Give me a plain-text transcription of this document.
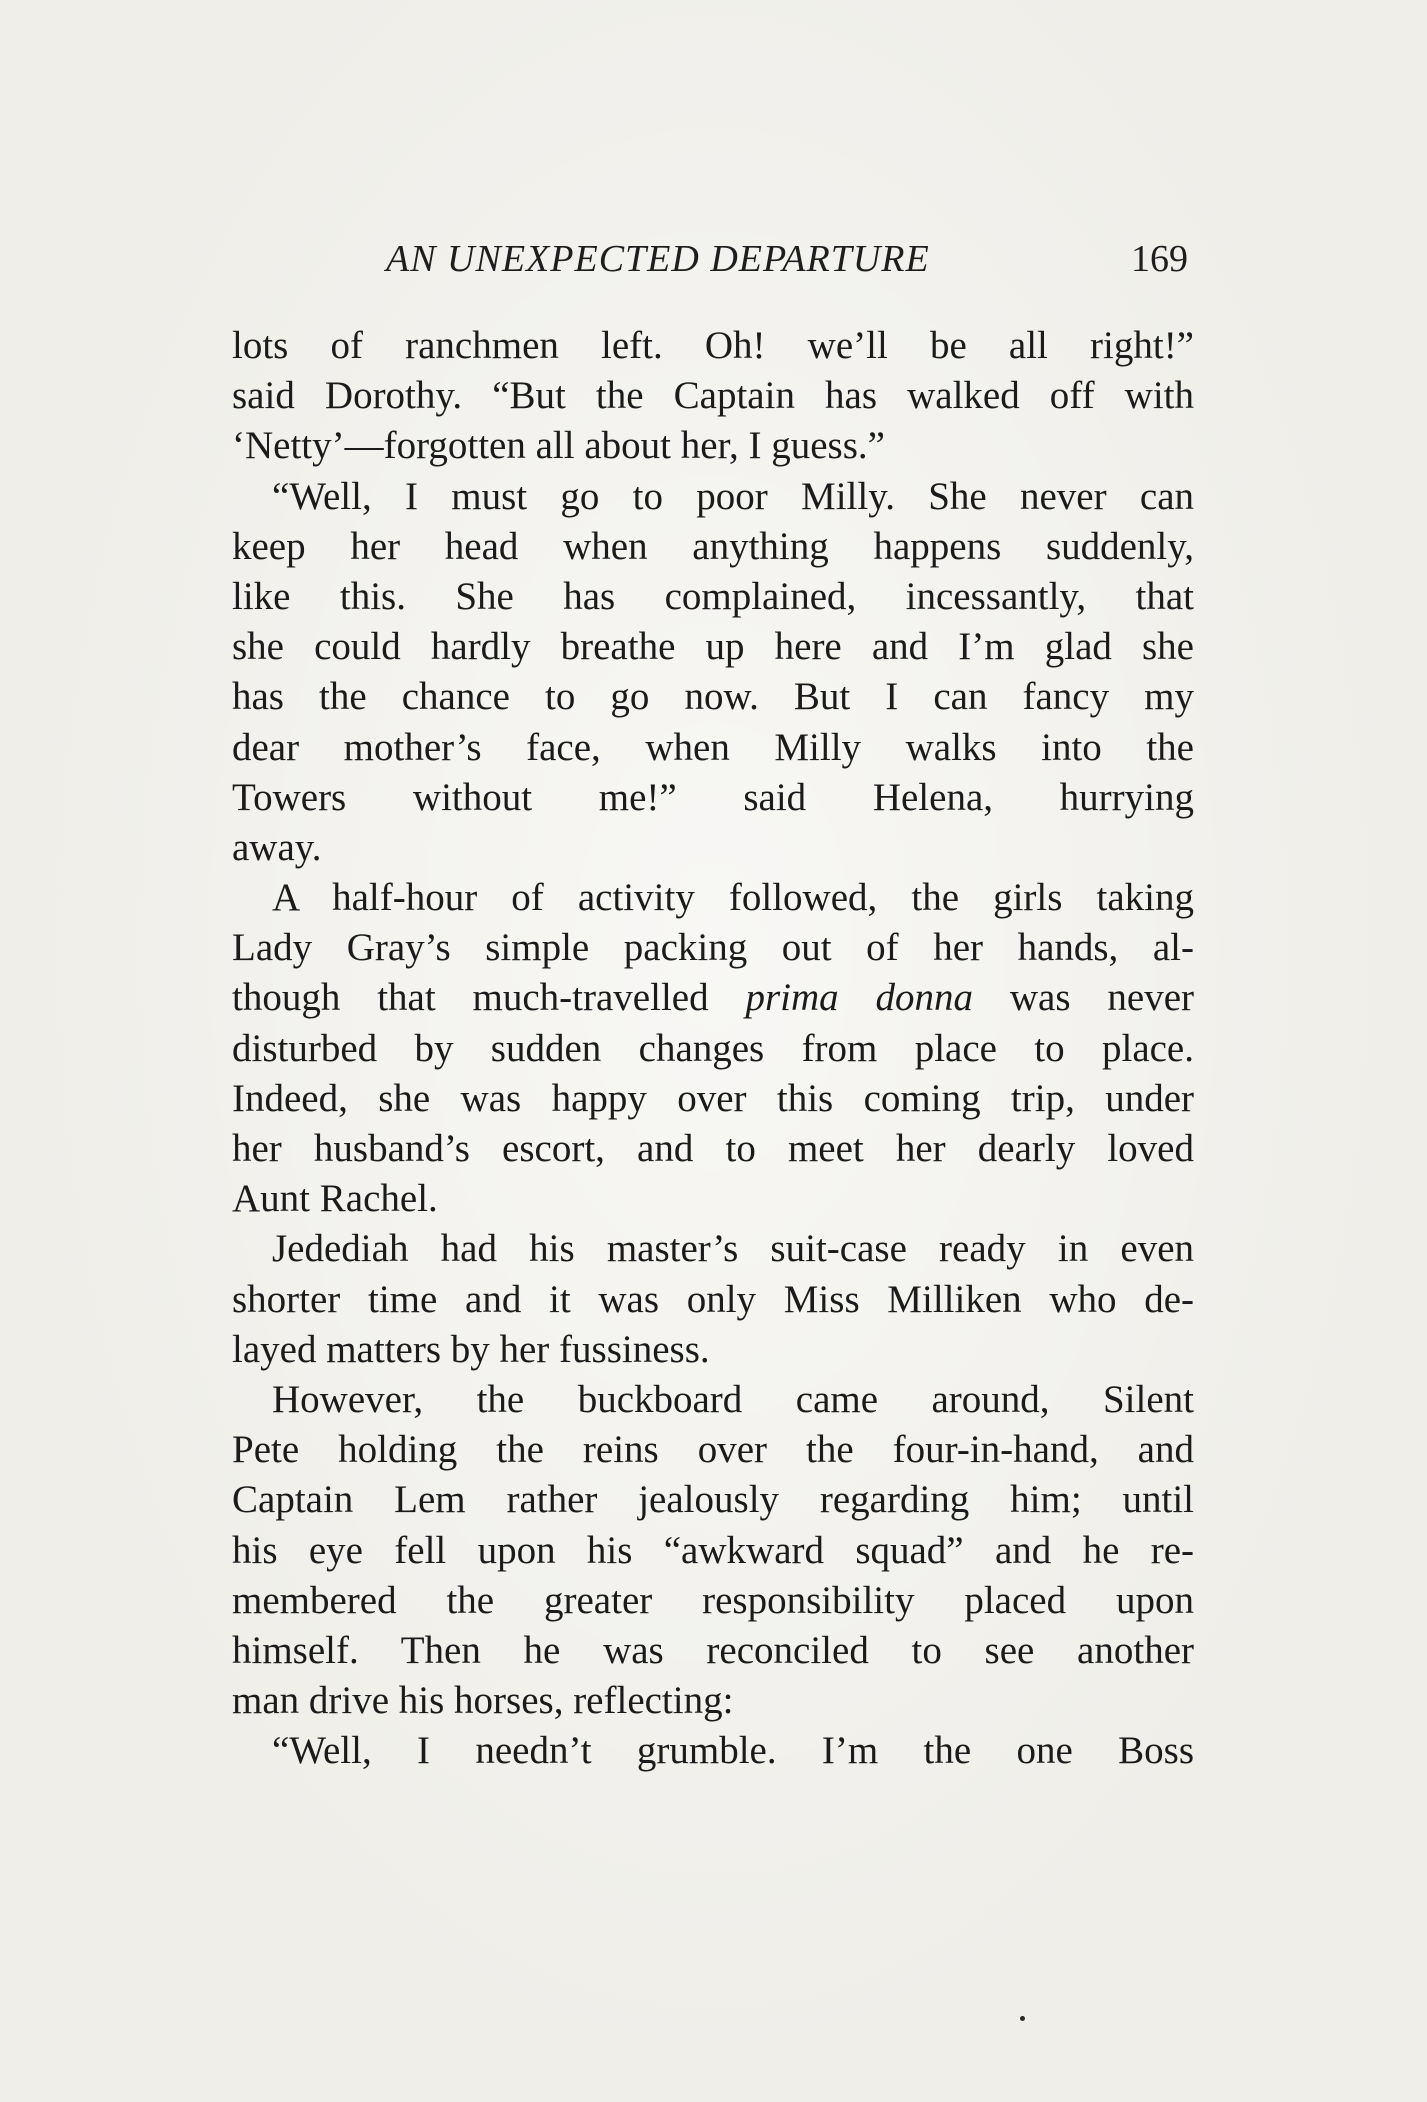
AN UNEXPECTED DEPARTURE	169
lots of ranchmen left. Oh! we’ll be all right!”
said Dorothy. “But the Captain has walked off with
‘Netty’—forgotten all about her, I guess.”
“Well, I must go to poor Milly. She never can
keep her head when anything happens suddenly,
like this. She has complained, incessantly, that
she could hardly breathe up here and I’m glad she
has the chance to go now. But I can fancy my
dear mother’s face, when Milly walks into the
Towers without me!” said Helena, hurrying
away.
A half-hour of activity followed, the girls taking
Lady Gray’s simple packing out of her hands, al-
though that much-travelled prima donna was never
disturbed by sudden changes from place to place.
Indeed, she was happy over this coming trip, under
her husband’s escort, and to meet her dearly loved
Aunt Rachel.
Jedediah had his master’s suit-case ready in even
shorter time and it was only Miss Milliken who de-
layed matters by her fussiness.
However, the buckboard came around, Silent
Pete holding the reins over the four-in-hand, and
Captain Lem rather jealously regarding him; until
his eye fell upon his “awkward squad” and he re-
membered the greater responsibility placed upon
himself. Then he was reconciled to see another
man drive his horses, reflecting:
“Well, I needn’t grumble. I’m the one Boss
